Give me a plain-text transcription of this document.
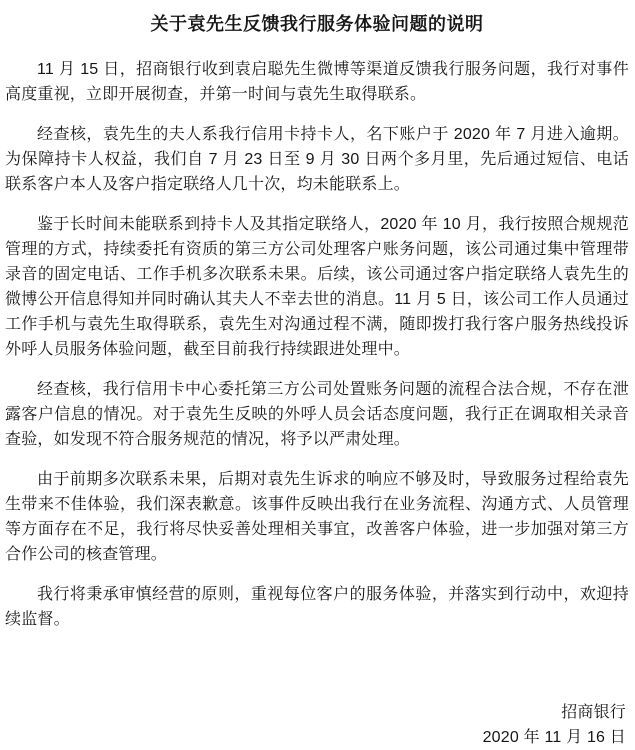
关于袁先生反馈我行服务体验问题的说明

11 月 15 日，招商银行收到袁启聪先生微博等渠道反馈我行服务问题，我行对事件高度重视，立即开展彻查，并第一时间与袁先生取得联系。

经查核，袁先生的夫人系我行信用卡持卡人，名下账户于 2020 年 7 月进入逾期。为保障持卡人权益，我们自 7 月 23 日至 9 月 30 日两个多月里，先后通过短信、电话联系客户本人及客户指定联络人几十次，均未能联系上。

鉴于长时间未能联系到持卡人及其指定联络人，2020 年 10 月，我行按照合规规范管理的方式，持续委托有资质的第三方公司处理客户账务问题，该公司通过集中管理带录音的固定电话、工作手机多次联系未果。后续，该公司通过客户指定联络人袁先生的微博公开信息得知并同时确认其夫人不幸去世的消息。11 月 5 日，该公司工作人员通过工作手机与袁先生取得联系，袁先生对沟通过程不满，随即拨打我行客户服务热线投诉外呼人员服务体验问题，截至目前我行持续跟进处理中。

经查核，我行信用卡中心委托第三方公司处置账务问题的流程合法合规，不存在泄露客户信息的情况。对于袁先生反映的外呼人员会话态度问题，我行正在调取相关录音查验，如发现不符合服务规范的情况，将予以严肃处理。

由于前期多次联系未果，后期对袁先生诉求的响应不够及时，导致服务过程给袁先生带来不佳体验，我们深表歉意。该事件反映出我行在业务流程、沟通方式、人员管理等方面存在不足，我行将尽快妥善处理相关事宜，改善客户体验，进一步加强对第三方合作公司的核查管理。

我行将秉承审慎经营的原则，重视每位客户的服务体验，并落实到行动中，欢迎持续监督。

招商银行
2020 年 11 月 16 日
